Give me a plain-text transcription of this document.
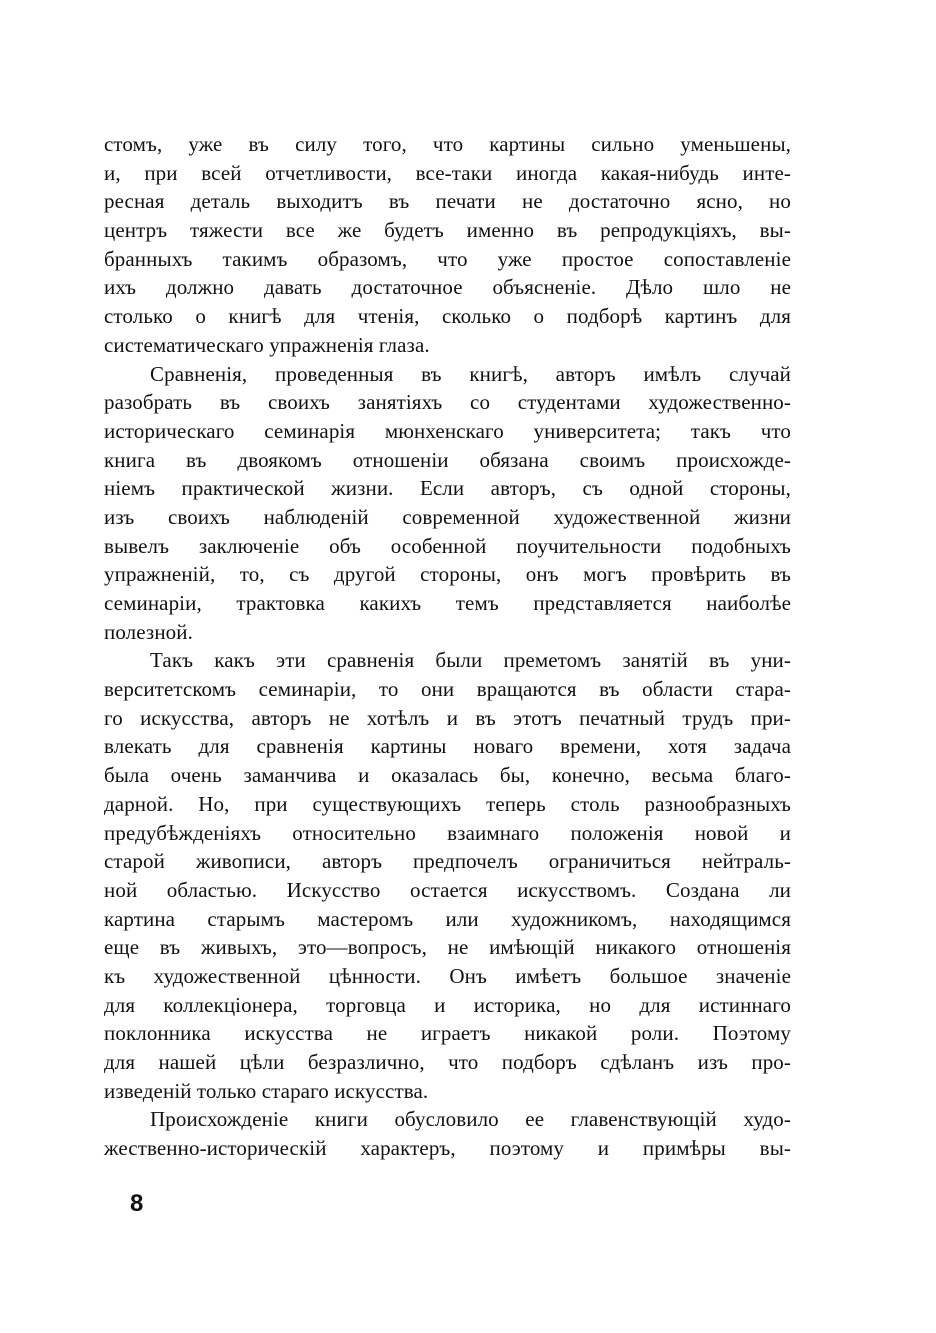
стомъ, уже въ силу того, что картины сильно уменьшены,
и, при всей отчетливости, все-таки иногда какая-нибудь инте-
ресная деталь выходитъ въ печати не достаточно ясно, но
центръ тяжести все же будетъ именно въ репродукціяхъ, вы-
бранныхъ такимъ образомъ, что уже простое сопоставленіе
ихъ должно давать достаточное объясненіе. Дѣло шло не
столько о книгѣ для чтенія, сколько о подборѣ картинъ для
систематическаго упражненія глаза.
Сравненія, проведенныя въ книгѣ, авторъ имѣлъ случай
разобрать въ своихъ занятіяхъ со студентами художественно-
историческаго семинарія мюнхенскаго университета; такъ что
книга въ двоякомъ отношеніи обязана своимъ происхожде-
ніемъ практической жизни. Если авторъ, съ одной стороны,
изъ своихъ наблюденій современной художественной жизни
вывелъ заключеніе объ особенной поучительности подобныхъ
упражненій, то, съ другой стороны, онъ могъ провѣрить въ
семинаріи, трактовка какихъ темъ представляется наиболѣе
полезной.
Такъ какъ эти сравненія были преметомъ занятій въ уни-
верситетскомъ семинаріи, то они вращаются въ области стара-
го искусства, авторъ не хотѣлъ и въ этотъ печатный трудъ при-
влекать для сравненія картины новаго времени, хотя задача
была очень заманчива и оказалась бы, конечно, весьма благо-
дарной. Но, при существующихъ теперь столь разнообразныхъ
предубѣжденіяхъ относительно взаимнаго положенія новой и
старой живописи, авторъ предпочелъ ограничиться нейтраль-
ной областью. Искусство остается искусствомъ. Создана ли
картина старымъ мастеромъ или художникомъ, находящимся
еще въ живыхъ, это—вопросъ, не имѣющій никакого отношенія
къ художественной цѣнности. Онъ имѣетъ большое значеніе
для коллекціонера, торговца и историка, но для истиннаго
поклонника искусства не играетъ никакой роли. Поэтому
для нашей цѣли безразлично, что подборъ сдѣланъ изъ про-
изведеній только стараго искусства.
Происхожденіе книги обусловило ее главенствующій худо-
жественно-историческій характеръ, поэтому и примѣры вы-
8
